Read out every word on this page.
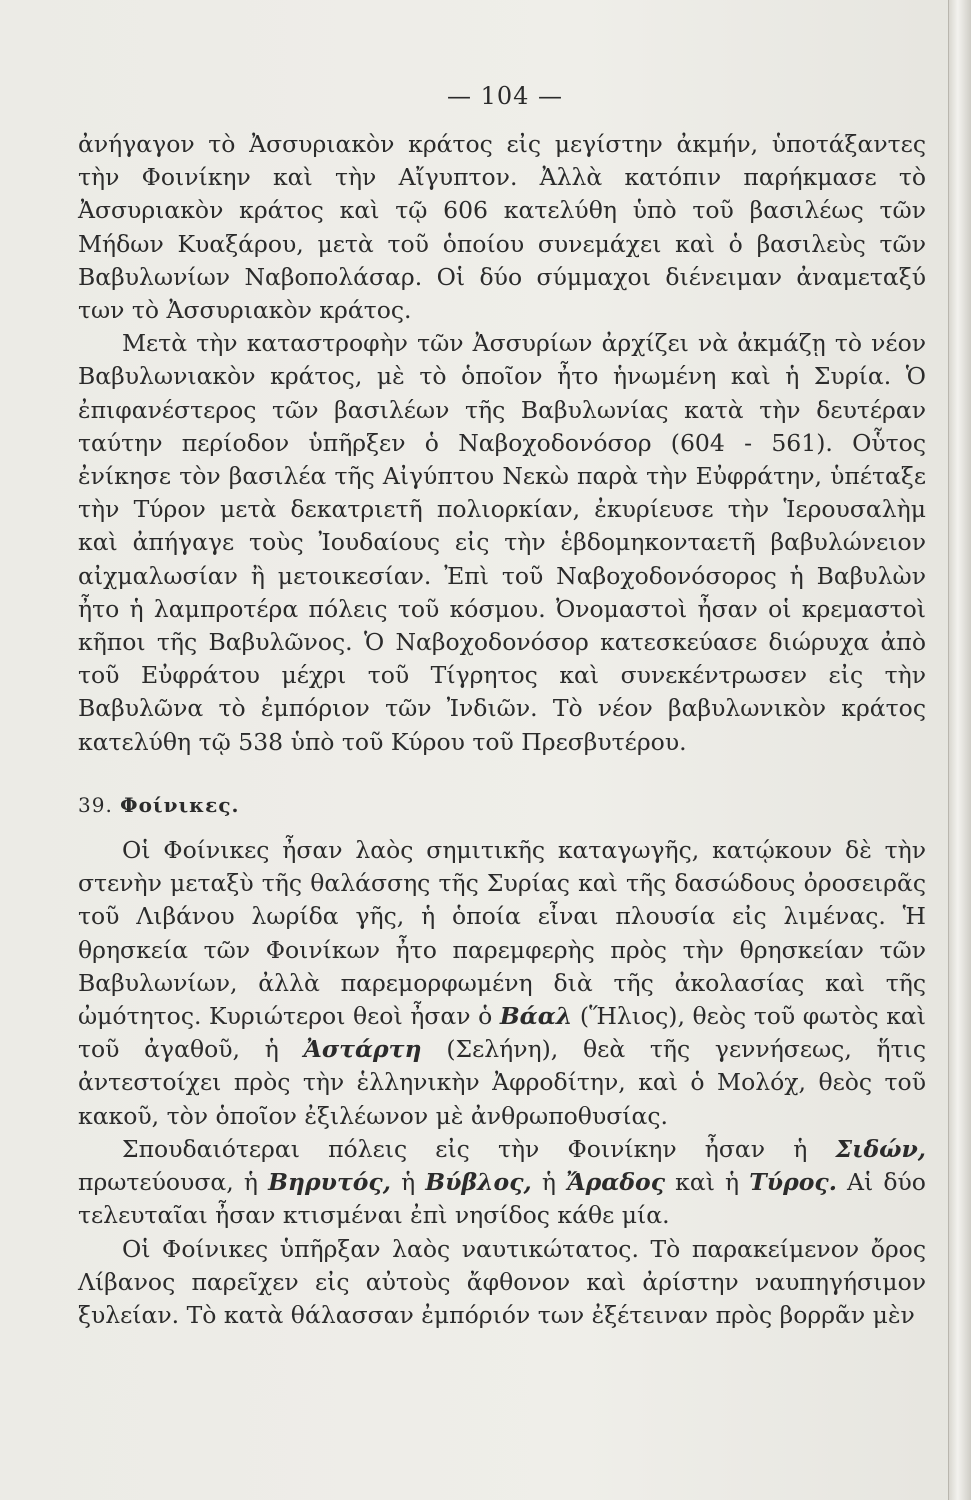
— 104 —

ἀνήγαγον τὸ Ἀσσυριακὸν κράτος εἰς μεγίστην ἀκμήν, ὑποτάξαντες τὴν Φοινίκην καὶ τὴν Αἴγυπτον. Ἀλλὰ κατόπιν παρήκμασε τὸ Ἀσσυριακὸν κράτος καὶ τῷ 606 κατελύθη ὑπὸ τοῦ βασιλέως τῶν Μήδων Κυαξάρου, μετὰ τοῦ ὁποίου συνεμάχει καὶ ὁ βασιλεὺς τῶν Βαβυλωνίων Ναβοπολάσαρ. Οἱ δύο σύμμαχοι διένειμαν ἀναμεταξύ των τὸ Ἀσσυριακὸν κράτος.

Μετὰ τὴν καταστροφὴν τῶν Ἀσσυρίων ἀρχίζει νὰ ἀκμάζῃ τὸ νέον Βαβυλωνιακὸν κράτος, μὲ τὸ ὁποῖον ἦτο ἡνωμένη καὶ ἡ Συρία. Ὁ ἐπιφανέστερος τῶν βασιλέων τῆς Βαβυλωνίας κατὰ τὴν δευτέραν ταύτην περίοδον ὑπῆρξεν ὁ Ναβοχοδονόσορ (604 - 561). Οὗτος ἐνίκησε τὸν βασιλέα τῆς Αἰγύπτου Νεκὼ παρὰ τὴν Εὐφράτην, ὑπέταξε τὴν Τύρον μετὰ δεκατριετῆ πολιορκίαν, ἐκυρίευσε τὴν Ἱερουσαλὴμ καὶ ἀπήγαγε τοὺς Ἰουδαίους εἰς τὴν ἑβδομηκονταετῆ βαβυλώνειον αἰχμαλωσίαν ἢ μετοικεσίαν. Ἐπὶ τοῦ Ναβοχοδονόσορος ἡ Βαβυλὼν ἦτο ἡ λαμπροτέρα πόλεις τοῦ κόσμου. Ὀνομαστοὶ ἦσαν οἱ κρεμαστοὶ κῆποι τῆς Βαβυλῶνος. Ὁ Ναβοχοδονόσορ κατεσκεύασε διώρυχα ἀπὸ τοῦ Εὐφράτου μέχρι τοῦ Τίγρητος καὶ συνεκέντρωσεν εἰς τὴν Βαβυλῶνα τὸ ἐμπόριον τῶν Ἰνδιῶν. Τὸ νέον βαβυλωνικὸν κράτος κατελύθη τῷ 538 ὑπὸ τοῦ Κύρου τοῦ Πρεσβυτέρου.

39. Φοίνικες.

Οἱ Φοίνικες ἦσαν λαὸς σημιτικῆς καταγωγῆς, κατῴκουν δὲ τὴν στενὴν μεταξὺ τῆς θαλάσσης τῆς Συρίας καὶ τῆς δασώδους ὀροσειρᾶς τοῦ Λιβάνου λωρίδα γῆς, ἡ ὁποία εἶναι πλουσία εἰς λιμένας. Ἡ θρησκεία τῶν Φοινίκων ἦτο παρεμφερὴς πρὸς τὴν θρησκείαν τῶν Βαβυλωνίων, ἀλλὰ παρεμορφωμένη διὰ τῆς ἀκολασίας καὶ τῆς ὠμότητος. Κυριώτεροι θεοὶ ἦσαν ὁ Βάαλ (Ἥλιος), θεὸς τοῦ φωτὸς καὶ τοῦ ἀγαθοῦ, ἡ Ἀστάρτη (Σελήνη), θεὰ τῆς γεννήσεως, ἥτις ἀντεστοίχει πρὸς τὴν ἑλληνικὴν Ἀφροδίτην, καὶ ὁ Μολόχ, θεὸς τοῦ κακοῦ, τὸν ὁποῖον ἐξιλέωνον μὲ ἀνθρωποθυσίας.

Σπουδαιότεραι πόλεις εἰς τὴν Φοινίκην ἦσαν ἡ Σιδών, πρωτεύουσα, ἡ Βηρυτός, ἡ Βύβλος, ἡ Ἄραδος καὶ ἡ Τύρος. Αἱ δύο τελευταῖαι ἦσαν κτισμέναι ἐπὶ νησίδος κάθε μία.

Οἱ Φοίνικες ὑπῆρξαν λαὸς ναυτικώτατος. Τὸ παρακείμενον ὄρος Λίβανος παρεῖχεν εἰς αὐτοὺς ἄφθονον καὶ ἀρίστην ναυπηγήσιμον ξυλείαν. Τὸ κατὰ θάλασσαν ἐμπόριόν των ἐξέτειναν πρὸς βορρᾶν μὲν
